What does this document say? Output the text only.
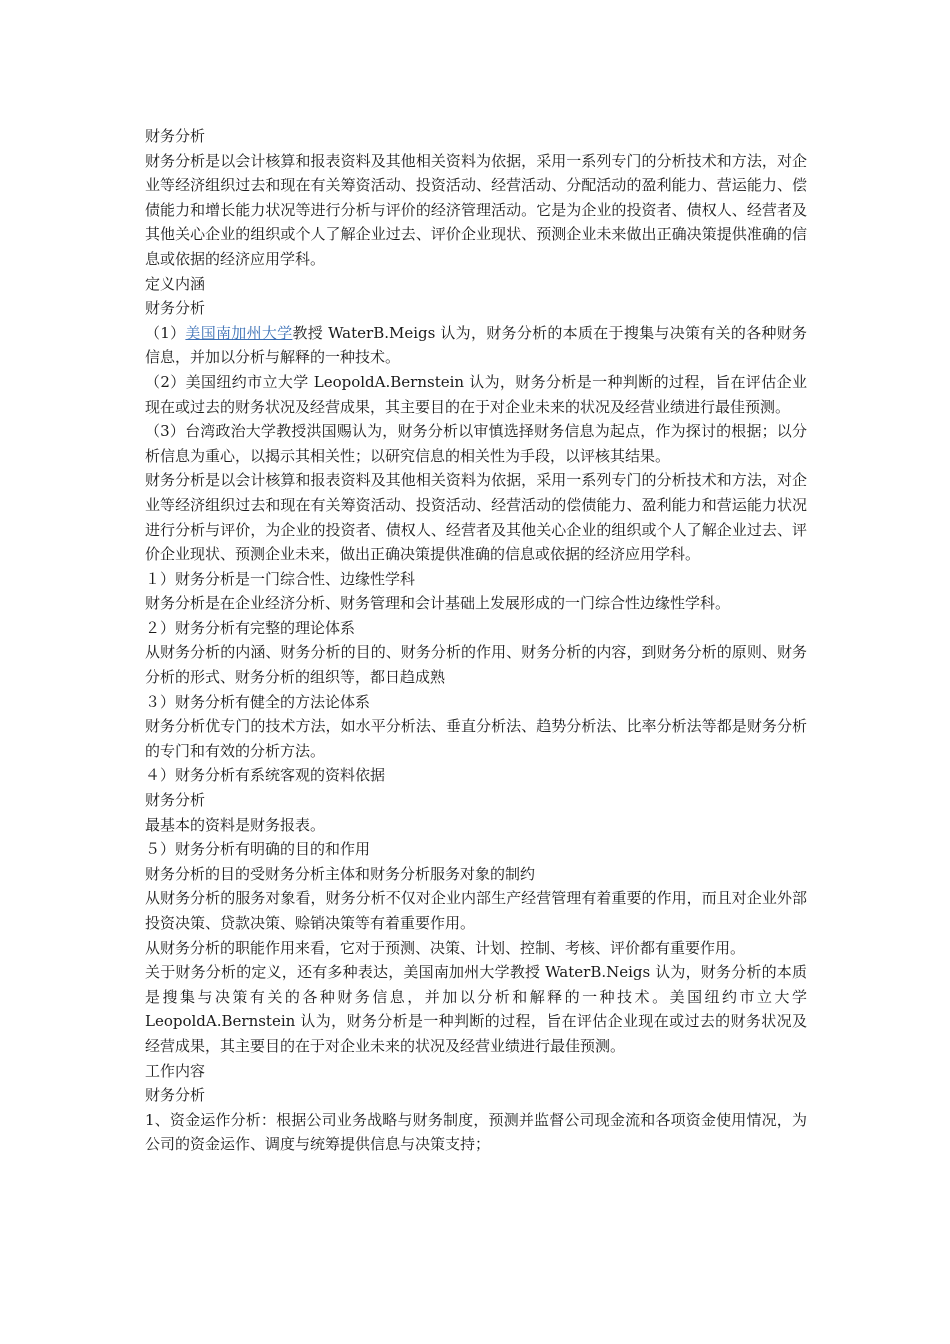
财务分析

财务分析是以会计核算和报表资料及其他相关资料为依据，采用一系列专门的分析技术和方法，对企业等经济组织过去和现在有关筹资活动、投资活动、经营活动、分配活动的盈利能力、营运能力、偿债能力和增长能力状况等进行分析与评价的经济管理活动。它是为企业的投资者、债权人、经营者及其他关心企业的组织或个人了解企业过去、评价企业现状、预测企业未来做出正确决策提供准确的信息或依据的经济应用学科。

定义内涵

财务分析

（1）美国南加州大学教授 WaterB.Meigs 认为，财务分析的本质在于搜集与决策有关的各种财务信息，并加以分析与解释的一种技术。

（2）美国纽约市立大学 LeopoldA.Bernstein 认为，财务分析是一种判断的过程，旨在评估企业现在或过去的财务状况及经营成果，其主要目的在于对企业未来的状况及经营业绩进行最佳预测。

（3）台湾政治大学教授洪国赐认为，财务分析以审慎选择财务信息为起点，作为探讨的根据；以分析信息为重心，以揭示其相关性；以研究信息的相关性为手段，以评核其结果。

财务分析是以会计核算和报表资料及其他相关资料为依据，采用一系列专门的分析技术和方法，对企业等经济组织过去和现在有关筹资活动、投资活动、经营活动的偿债能力、盈利能力和营运能力状况进行分析与评价，为企业的投资者、债权人、经营者及其他关心企业的组织或个人了解企业过去、评价企业现状、预测企业未来，做出正确决策提供准确的信息或依据的经济应用学科。

１）财务分析是一门综合性、边缘性学科

财务分析是在企业经济分析、财务管理和会计基础上发展形成的一门综合性边缘性学科。

２）财务分析有完整的理论体系

从财务分析的内涵、财务分析的目的、财务分析的作用、财务分析的内容，到财务分析的原则、财务分析的形式、财务分析的组织等，都日趋成熟

３）财务分析有健全的方法论体系

财务分析优专门的技术方法，如水平分析法、垂直分析法、趋势分析法、比率分析法等都是财务分析的专门和有效的分析方法。

４）财务分析有系统客观的资料依据

财务分析

最基本的资料是财务报表。

５）财务分析有明确的目的和作用

财务分析的目的受财务分析主体和财务分析服务对象的制约

从财务分析的服务对象看，财务分析不仅对企业内部生产经营管理有着重要的作用，而且对企业外部投资决策、贷款决策、赊销决策等有着重要作用。

从财务分析的职能作用来看，它对于预测、决策、计划、控制、考核、评价都有重要作用。

关于财务分析的定义，还有多种表达，美国南加州大学教授 WaterB.Neigs 认为，财务分析的本质是搜集与决策有关的各种财务信息，并加以分析和解释的一种技术。美国纽约市立大学 LeopoldA.Bernstein 认为，财务分析是一种判断的过程，旨在评估企业现在或过去的财务状况及经营成果，其主要目的在于对企业未来的状况及经营业绩进行最佳预测。

工作内容

财务分析

1、资金运作分析：根据公司业务战略与财务制度，预测并监督公司现金流和各项资金使用情况，为公司的资金运作、调度与统筹提供信息与决策支持；
